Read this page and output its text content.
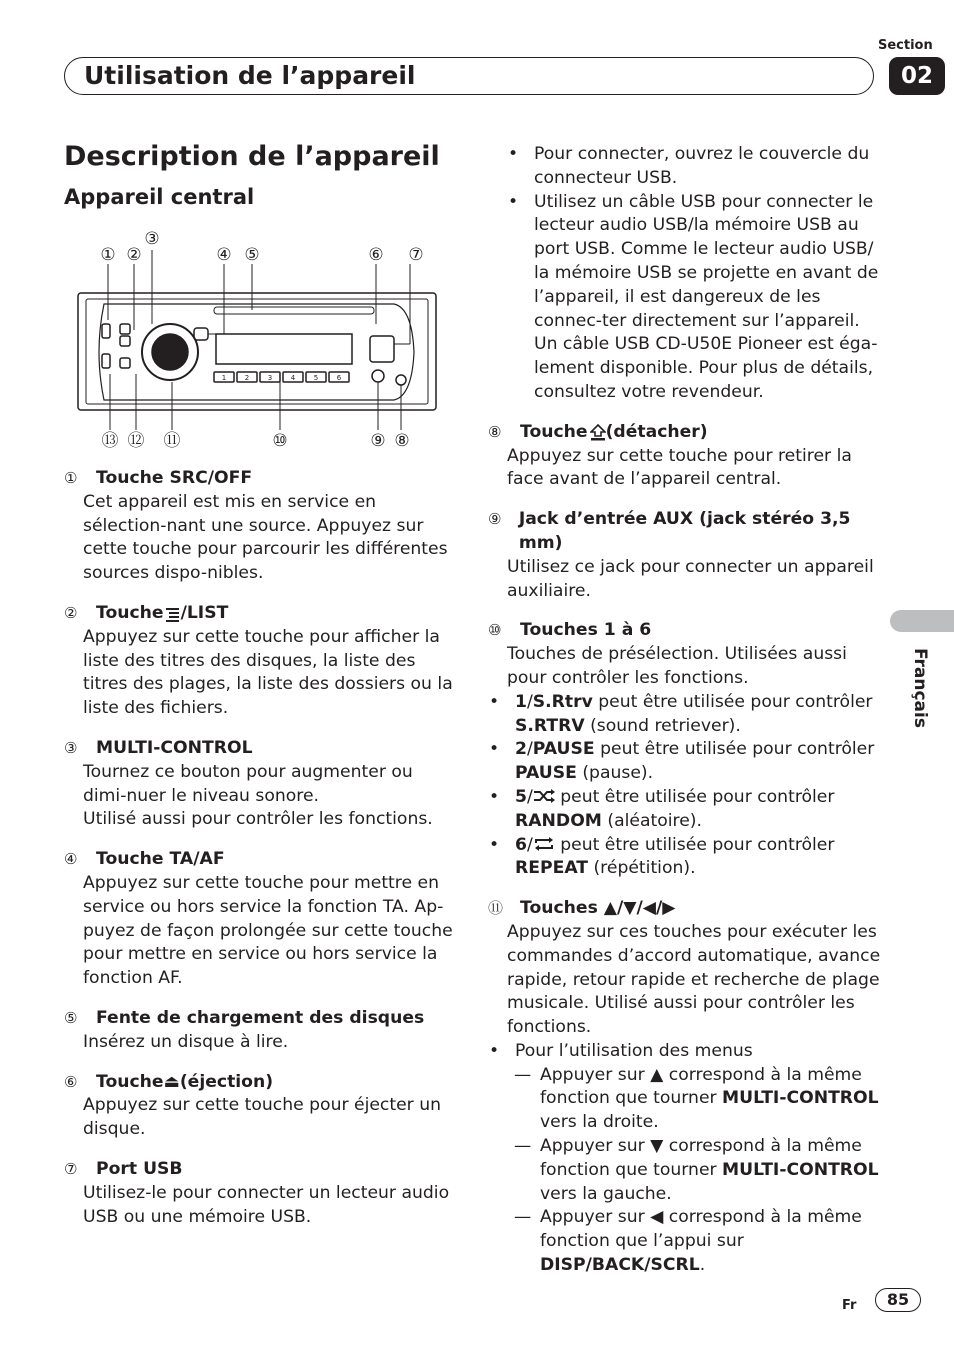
Section
02
Utilisation de l’appareil
Description de l’appareil
Appareil central
1	2	3	4	5	6
① ②
③
④ ⑤	⑥ ⑦
⑧
⑨
⑩
⑪
⑫
⑬
①	Touche SRC/OFF
Cet appareil est mis en service en sélection-nant une source. Appuyez sur cette touche pour parcourir les différentes sources dispo-nibles.
②	Touche /LIST
Appuyez sur cette touche pour afficher la liste des titres des disques, la liste des titres des plages, la liste des dossiers ou la liste des fichiers.
③	MULTI-CONTROL
Tournez ce bouton pour augmenter ou dimi-nuer le niveau sonore.
Utilisé aussi pour contrôler les fonctions.
④	Touche TA/AF
Appuyez sur cette touche pour mettre en service ou hors service la fonction TA. Ap-puyez de façon prolongée sur cette touche pour mettre en service ou hors service la fonction AF.
⑤	Fente de chargement des disques
Insérez un disque à lire.
⑥	Touche ⏏ (éjection)
Appuyez sur cette touche pour éjecter un disque.
⑦	Port USB
Utilisez-le pour connecter un lecteur audio USB ou une mémoire USB.
• Pour connecter, ouvrez le couvercle du connecteur USB.
• Utilisez un câble USB pour connecter le lecteur audio USB/la mémoire USB au port USB. Comme le lecteur audio USB/ la mémoire USB se projette en avant de l’appareil, il est dangereux de les connec-ter directement sur l’appareil.
Un câble USB CD-U50E Pioneer est éga-lement disponible. Pour plus de détails, consultez votre revendeur.
⑧	Touche (détacher)
Appuyez sur cette touche pour retirer la face avant de l’appareil central.
⑨	Jack d’entrée AUX (jack stéréo 3,5 mm)
Utilisez ce jack pour connecter un appareil auxiliaire.
⑩	Touches 1 à 6
Touches de présélection. Utilisées aussi pour contrôler les fonctions.
• 1/S.Rtrv peut être utilisée pour contrôler S.RTRV (sound retriever).
• 2/PAUSE peut être utilisée pour contrôler PAUSE (pause).
• 5/ peut être utilisée pour contrôler RANDOM (aléatoire).
• 6/ peut être utilisée pour contrôler REPEAT (répétition).
⑪ Touches ▲/▼/◀/▶
Appuyez sur ces touches pour exécuter les commandes d’accord automatique, avance rapide, retour rapide et recherche de plage musicale. Utilisé aussi pour contrôler les fonctions.
• Pour l’utilisation des menus
— Appuyer sur ▲ correspond à la même fonction que tourner MULTI-CONTROL vers la droite.
— Appuyer sur ▼ correspond à la même fonction que tourner MULTI-CONTROL vers la gauche.
— Appuyer sur ◀ correspond à la même fonction que l’appui sur DISP/BACK/SCRL.
Français
Fr	85
